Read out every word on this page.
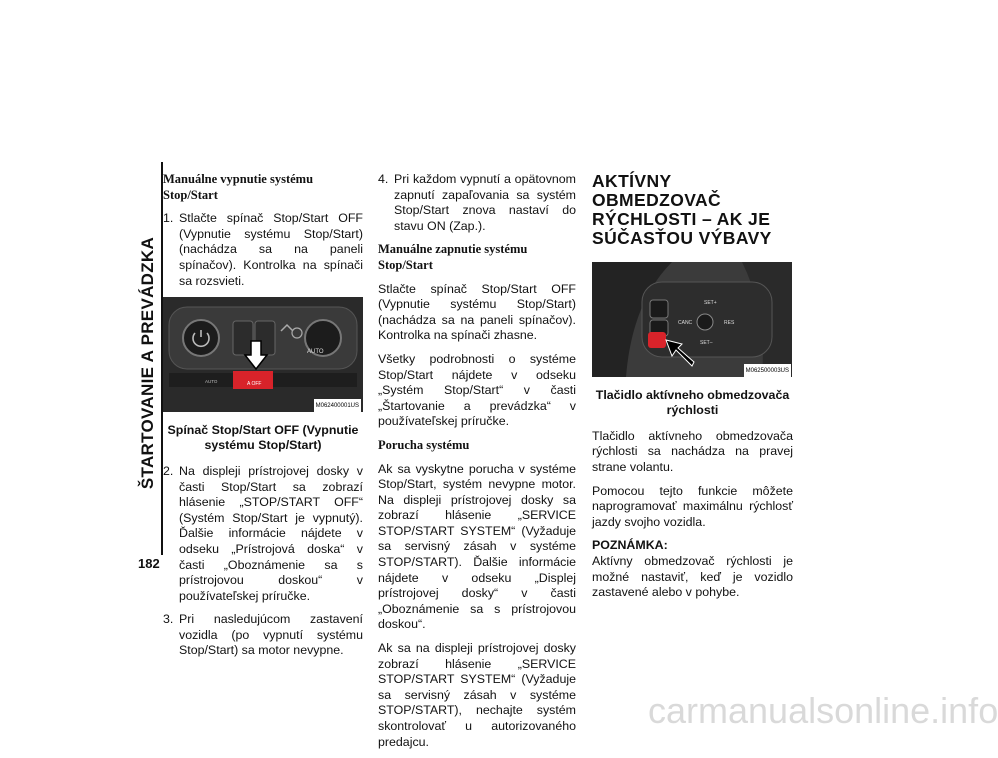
ŠTARTOVANIE A PREVÁDZKA
182
Manuálne vypnutie systému Stop/Start
1. Stlačte spínač Stop/Start OFF (Vypnutie systému Stop/Start) (nachádza sa na paneli spínačov). Kontrolka na spínači sa rozsvieti.
AUTO
AUTO	A OFF
M062400001US
Spínač Stop/Start OFF (Vypnutie systému Stop/Start)
2. Na displeji prístrojovej dosky v časti Stop/Start sa zobrazí hlásenie „STOP/START OFF“ (Systém Stop/Start je vypnutý). Ďalšie informácie nájdete v odseku „Prístrojová doska“ v časti „Oboznámenie sa s prístrojovou doskou“ v používateľskej príručke.
3. Pri nasledujúcom zastavení vozidla (po vypnutí systému Stop/Start) sa motor nevypne.
4. Pri každom vypnutí a opätovnom zapnutí zapaľovania sa systém Stop/Start znova nastaví do stavu ON (Zap.).
Manuálne zapnutie systému Stop/Start
Stlačte spínač Stop/Start OFF (Vypnutie systému Stop/Start) (nachádza sa na paneli spínačov). Kontrolka na spínači zhasne.
Všetky podrobnosti o systéme Stop/Start nájdete v odseku „Systém Stop/Start“ v časti „Štartovanie a prevádzka“ v používateľskej príručke.
Porucha systému
Ak sa vyskytne porucha v systéme Stop/Start, systém nevypne motor. Na displeji prístrojovej dosky sa zobrazí hlásenie „SERVICE STOP/START SYSTEM“ (Vyžaduje sa servisný zásah v systéme STOP/START). Ďalšie informácie nájdete v odseku „Displej prístrojovej dosky“ v časti „Oboznámenie sa s prístrojovou doskou“.
Ak sa na displeji prístrojovej dosky zobrazí hlásenie „SERVICE STOP/START SYSTEM“ (Vyžaduje sa servisný zásah v systéme STOP/START), nechajte systém skontrolovať u autorizovaného predajcu.
AKTÍVNY OBMEDZOVAČ RÝCHLOSTI – AK JE SÚČASŤOU VÝBAVY
SET+
CANC	RES
SET–
M062500003US
Tlačidlo aktívneho obmedzovača rýchlosti
Tlačidlo aktívneho obmedzovača rýchlosti sa nachádza na pravej strane volantu.
Pomocou tejto funkcie môžete naprogramovať maximálnu rýchlosť jazdy svojho vozidla.
POZNÁMKA:
Aktívny obmedzovač rýchlosti je možné nastaviť, keď je vozidlo zastavené alebo v pohybe.
carmanualsonline.info
